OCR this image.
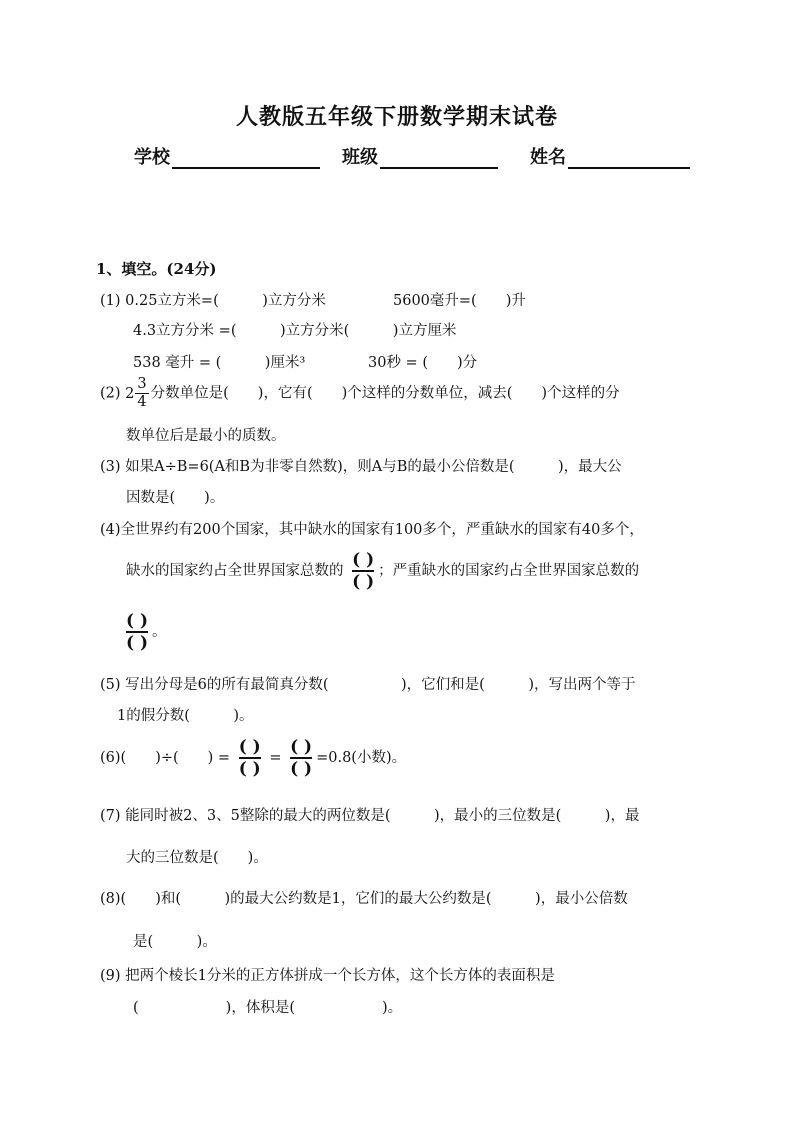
人教版五年级下册数学期末试卷
学校	班级	姓名
1、填空。(24分)
(1) 0.25立方米=(　　　)立方分米	5600毫升=(　　)升
4.3立方分米 =(　　　)立方分米(　　　)立方厘米
538 毫升 = (　　　)厘米³	30秒 = (　　)分
(2) $2 \frac{3}{4}$ 分数单位是(　　)，它有(　　)个这样的分数单位，减去(　　)个这样的分
数单位后是最小的质数。
(3) 如果A÷B=6(A和B为非零自然数)，则A与B的最小公倍数是(　　　)，最大公
因数是(　　)。
(4)全世界约有200个国家，其中缺水的国家有100多个，严重缺水的国家有40多个，
缺水的国家约占全世界国家总数的
( )
( )
；严重缺水的国家约占全世界国家总数的
( )
( )
。
(5) 写出分母是6的所有最简真分数(　　　　　)，它们和是(　　　)，写出两个等于
1的假分数(　　　)。
(6)(　　)÷(　　) =
( )
( )
=
( )
( )
=0.8(小数)。
(7) 能同时被2、3、5整除的最大的两位数是(　　　)，最小的三位数是(　　　)，最
大的三位数是(　　)。
(8)(　　)和(　　　)的最大公约数是1，它们的最大公约数是(　　　)，最小公倍数
是(　　　)。
(9) 把两个棱长1分米的正方体拼成一个长方体，这个长方体的表面积是
(　　　　　　)，体积是(　　　　　　)。
